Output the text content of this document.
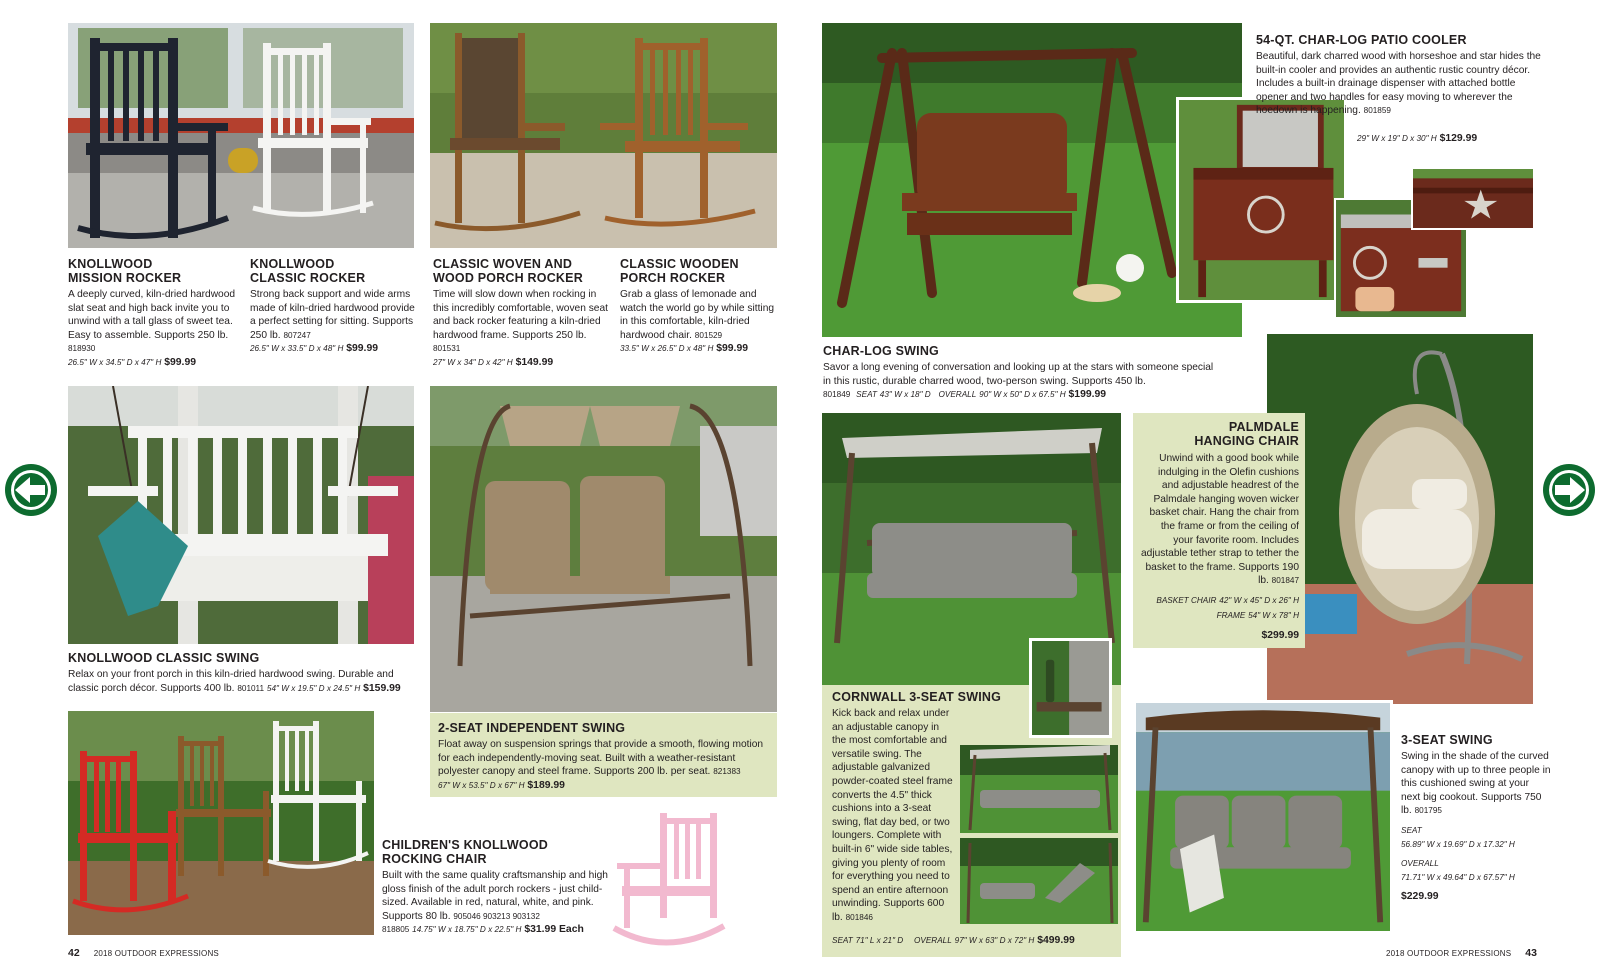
KNOLLWOOD
MISSION ROCKER
A deeply curved, kiln-dried hardwood slat seat and high back invite you to unwind with a tall glass of sweet tea. Easy to assemble. Supports 250 lb. 818930
26.5" W x 34.5" D x 47" H $99.99
KNOLLWOOD
CLASSIC ROCKER
Strong back support and wide arms made of kiln-dried hardwood provide a perfect setting for sitting. Supports 250 lb. 807247
26.5" W x 33.5" D x 48" H $99.99
CLASSIC WOVEN AND
WOOD PORCH ROCKER
Time will slow down when rocking in this incredibly comfortable, woven seat and back rocker featuring a kiln-dried hardwood frame. Supports 250 lb. 801531
27" W x 34" D x 42" H $149.99
CLASSIC WOODEN
PORCH ROCKER
Grab a glass of lemonade and watch the world go by while sitting in this comfortable, kiln-dried hardwood chair. 801529
33.5" W x 26.5" D x 48" H $99.99
KNOLLWOOD CLASSIC SWING
Relax on your front porch in this kiln-dried hardwood swing. Durable and classic porch décor. Supports 400 lb. 801011 54" W x 19.5" D x 24.5" H $159.99
2-SEAT INDEPENDENT SWING
Float away on suspension springs that provide a smooth, flowing motion for each independently-moving seat. Built with a weather-resistant polyester canopy and steel frame. Supports 200 lb. per seat. 821383
67" W x 53.5" D x 67" H $189.99
CHILDREN'S KNOLLWOOD
ROCKING CHAIR
Built with the same quality craftsmanship and high gloss finish of the adult porch rockers - just child-sized. Available in red, natural, white, and pink. Supports 80 lb. 905046 903213 903132
818805 14.75" W x 18.75" D x 22.5" H $31.99 Each
42 2018 OUTDOOR EXPRESSIONS
54-QT. CHAR-LOG PATIO COOLER
Beautiful, dark charred wood with horseshoe and star hides the built-in cooler and provides an authentic rustic country décor. Includes a built-in drainage dispenser with attached bottle opener and two handles for easy moving to wherever the hoedown is happening. 801859
29" W x 19" D x 30" H $129.99
CHAR-LOG SWING
Savor a long evening of conversation and looking up at the stars with someone special in this rustic, durable charred wood, two-person swing. Supports 450 lb.
801849 SEAT 43" W x 18" D OVERALL 90" W x 50" D x 67.5" H $199.99
PALMDALE
HANGING CHAIR
Unwind with a good book while indulging in the Olefin cushions and adjustable headrest of the Palmdale hanging woven wicker basket chair. Hang the chair from the frame or from the ceiling of your favorite room. Includes adjustable tether strap to tether the basket to the frame. Supports 190 lb. 801847
BASKET CHAIR 42" W x 45" D x 26" H
FRAME 54" W x 78" H
$299.99
CORNWALL 3-SEAT SWING
Kick back and relax under an adjustable canopy in the most comfortable and versatile swing. The adjustable galvanized powder-coated steel frame converts the 4.5" thick cushions into a 3-seat swing, flat day bed, or two loungers. Complete with built-in 6" wide side tables, giving you plenty of room for everything you need to spend an entire afternoon unwinding. Supports 600 lb. 801846
SEAT 71" L x 21" D OVERALL 97" W x 63" D x 72" H $499.99
3-SEAT SWING
Swing in the shade of the curved canopy with up to three people in this cushioned swing at your next big cookout. Supports 750 lb. 801795
SEAT
56.89" W x 19.69" D x 17.32" H
OVERALL
71.71" W x 49.64" D x 67.57" H
$229.99
2018 OUTDOOR EXPRESSIONS 43
